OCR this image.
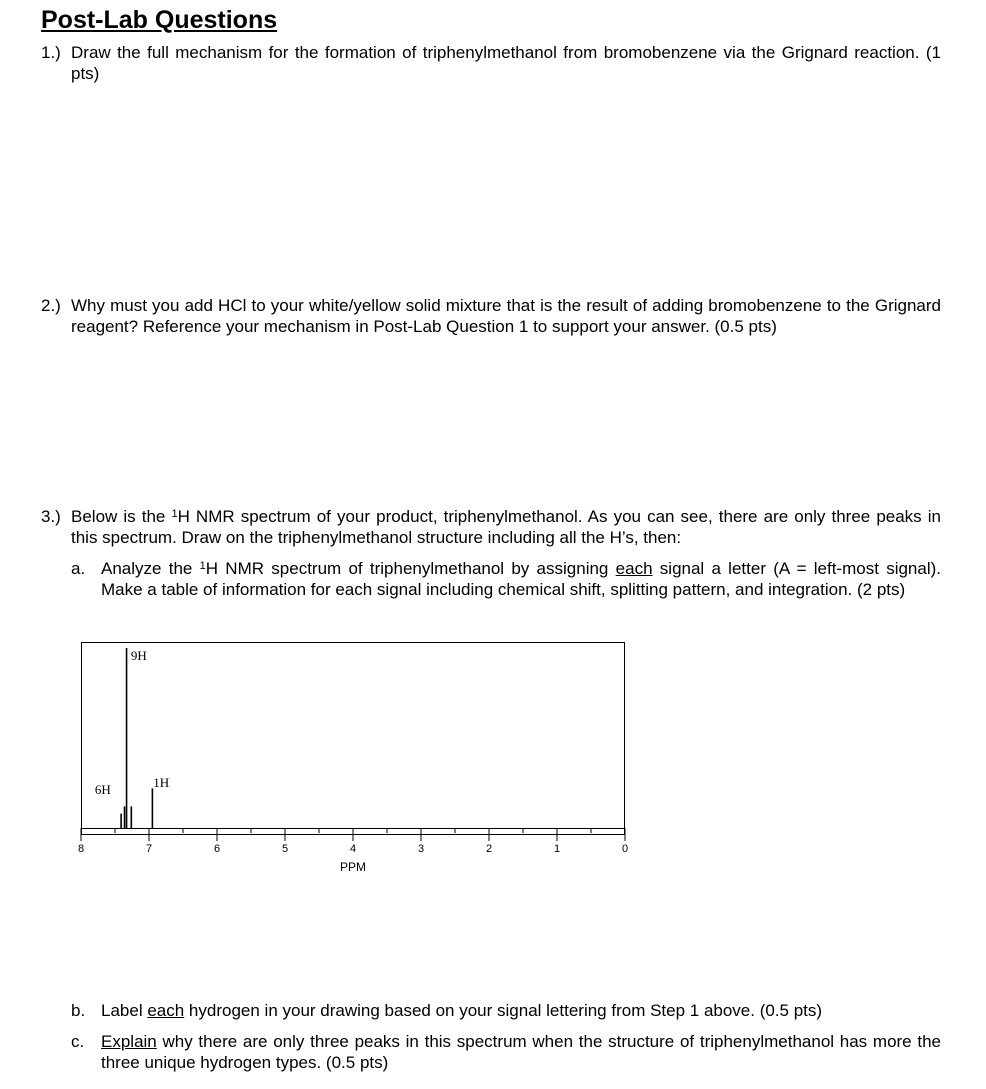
Post-Lab Questions
1.) Draw the full mechanism for the formation of triphenylmethanol from bromobenzene via the Grignard reaction. (1 pts)
2.) Why must you add HCl to your white/yellow solid mixture that is the result of adding bromobenzene to the Grignard reagent? Reference your mechanism in Post-Lab Question 1 to support your answer. (0.5 pts)
3.) Below is the $^1$H NMR spectrum of your product, triphenylmethanol. As you can see, there are only three peaks in this spectrum. Draw on the triphenylmethanol structure including all the H’s, then:
a. Analyze the $^1$H NMR spectrum of triphenylmethanol by assigning each signal a letter (A = left-most signal). Make a table of information for each signal including chemical shift, splitting pattern, and integration. (2 pts)
8	7	6	5	4	3	2	1	0
9H
6H	1H
PPM
b. Label each hydrogen in your drawing based on your signal lettering from Step 1 above. (0.5 pts)
c. Explain why there are only three peaks in this spectrum when the structure of triphenylmethanol has more the three unique hydrogen types. (0.5 pts)
